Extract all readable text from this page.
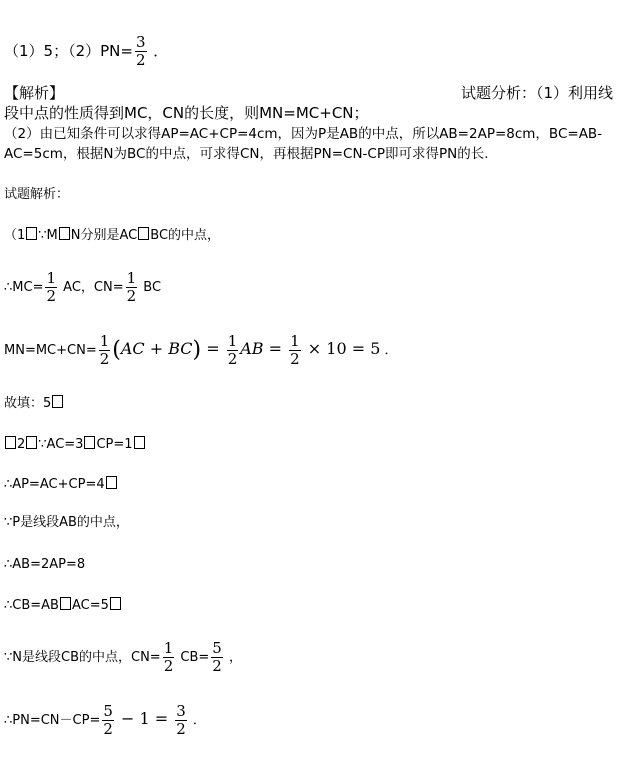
（1）5；$(2)PN= \frac{3}{2}$ ．
【解析】	试题分析：（1）利用线
段中点的性质得到MC，CN的长度，则MN=MC+CN；
（2）由已知条件可以求得AP=AC+CP=4cm，因为P是AB的中点，所以AB=2AP=8cm，BC=AB-
AC=5cm，根据N为BC的中点，可求得CN，再根据PN=CN-CP即可求得PN的长.
试题解析：
（1 ∵M N分别是AC BC的中点，
∴MC= $\frac{1}{2}$ AC，$CN= \frac{1}{2}$ BC
$MN=MC+CN= \frac{1}{2} (AC + BC) = \frac{1}{2}$ AB = $\frac{1}{2} \times 10 = 5$ ．
故填：5
2 ∵AC=3 CP=1
∴AP=AC+CP=4
∵P是线段AB的中点，
∴AB=2AP=8
∴CB=AB AC=5
∵N是线段CB的中点，$CN= \frac{1}{2} CB= \frac{5}{2}$ ，
∴PN=CN－CP= $\frac{5}{2} - 1 = \frac{3}{2}$ ．
